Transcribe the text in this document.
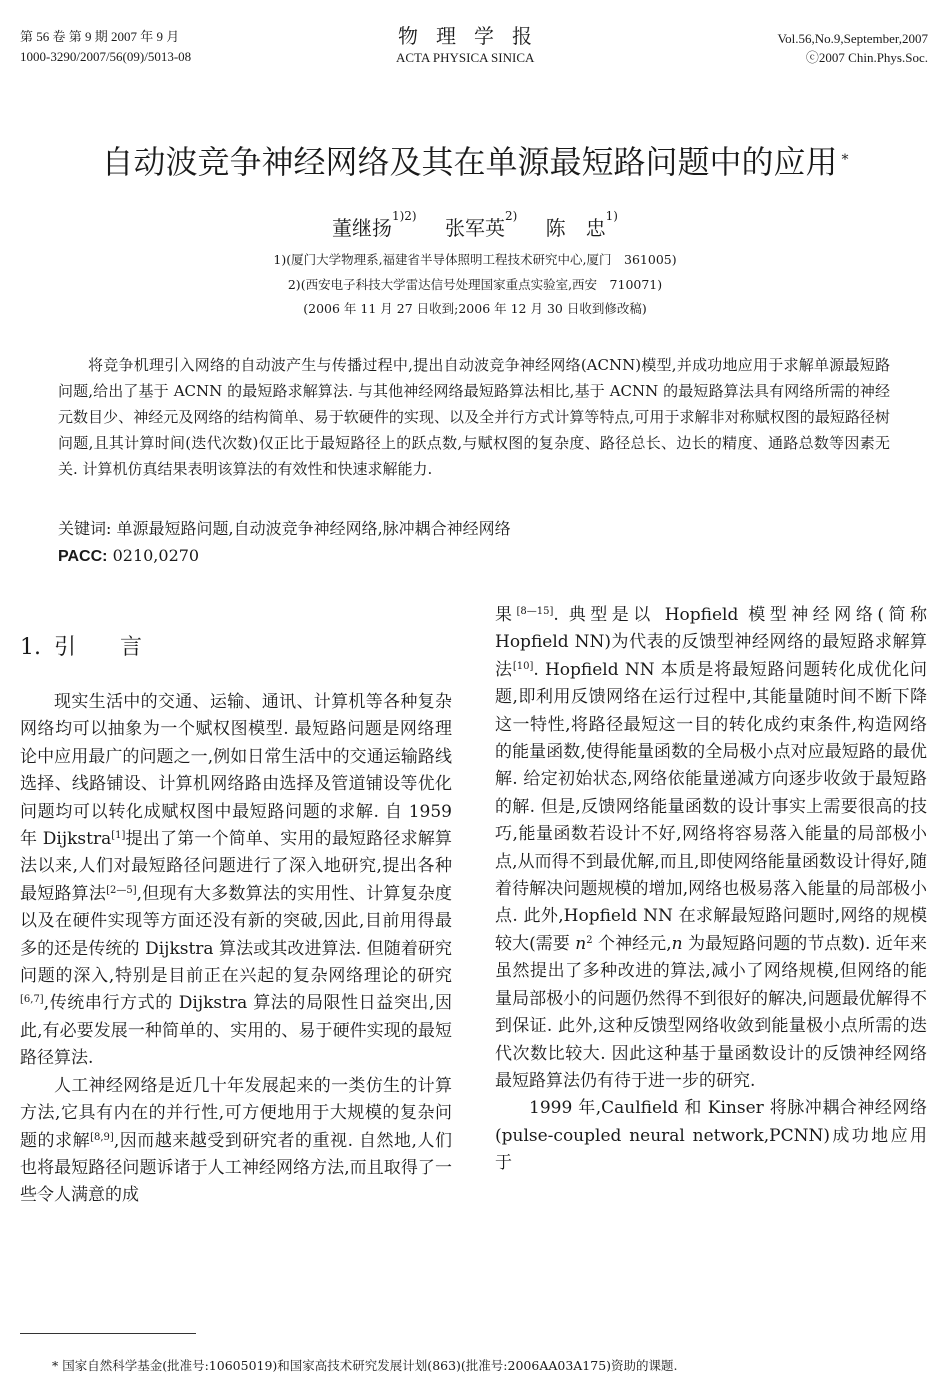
第 56 卷 第 9 期 2007 年 9 月
1000-3290/2007/56(09)/5013-08
物理学报
ACTA PHYSICA SINICA
Vol.56,No.9,September,2007
ⓒ2007 Chin.Phys.Soc.
自动波竞争神经网络及其在单源最短路问题中的应用 *
董继扬$^{1)2)}$ 张军英$^{2)}$ 陈　忠$^{1)}$
1)(厦门大学物理系,福建省半导体照明工程技术研究中心,厦门　361005)
2)(西安电子科技大学雷达信号处理国家重点实验室,西安　710071)
(2006 年 11 月 27 日收到;2006 年 12 月 30 日收到修改稿)
将竞争机理引入网络的自动波产生与传播过程中,提出自动波竞争神经网络(ACNN)模型,并成功地应用于求解单源最短路问题,给出了基于 ACNN 的最短路求解算法. 与其他神经网络最短路算法相比,基于 ACNN 的最短路算法具有网络所需的神经元数目少、神经元及网络的结构简单、易于软硬件的实现、以及全并行方式计算等特点,可用于求解非对称赋权图的最短路径树问题,且其计算时间(迭代次数)仅正比于最短路径上的跃点数,与赋权图的复杂度、路径总长、边长的精度、通路总数等因素无关. 计算机仿真结果表明该算法的有效性和快速求解能力.
关键词: 单源最短路问题,自动波竞争神经网络,脉冲耦合神经网络
PACC: 0210,0270
1. 引　　言

现实生活中的交通、运输、通讯、计算机等各种复杂网络均可以抽象为一个赋权图模型. 最短路问题是网络理论中应用最广的问题之一,例如日常生活中的交通运输路线选择、线路铺设、计算机网络路由选择及管道铺设等优化问题均可以转化成赋权图中最短路问题的求解. 自 1959 年 Dijkstra[1]提出了第一个简单、实用的最短路径求解算法以来,人们对最短路径问题进行了深入地研究,提出各种最短路算法[2—5],但现有大多数算法的实用性、计算复杂度以及在硬件实现等方面还没有新的突破,因此,目前用得最多的还是传统的 Dijkstra 算法或其改进算法. 但随着研究问题的深入,特别是目前正在兴起的复杂网络理论的研究[6,7],传统串行方式的 Dijkstra 算法的局限性日益突出,因此,有必要发展一种简单的、实用的、易于硬件实现的最短路径算法.

人工神经网络是近几十年发展起来的一类仿生的计算方法,它具有内在的并行性,可方便地用于大规模的复杂问题的求解[8,9],因而越来越受到研究者的重视. 自然地,人们也将最短路径问题诉诸于人工神经网络方法,而且取得了一些令人满意的成

果[8—15]. 典型是以 Hopfield 模型神经网络(简称 Hopfield NN)为代表的反馈型神经网络的最短路求解算法[10]. Hopfield NN 本质是将最短路问题转化成优化问题,即利用反馈网络在运行过程中,其能量随时间不断下降这一特性,将路径最短这一目的转化成约束条件,构造网络的能量函数,使得能量函数的全局极小点对应最短路的最优解. 给定初始状态,网络依能量递减方向逐步收敛于最短路的解. 但是,反馈网络能量函数的设计事实上需要很高的技巧,能量函数若设计不好,网络将容易落入能量的局部极小点,从而得不到最优解,而且,即使网络能量函数设计得好,随着待解决问题规模的增加,网络也极易落入能量的局部极小点. 此外,Hopfield NN 在求解最短路问题时,网络的规模较大(需要 $n^2$ 个神经元,n 为最短路问题的节点数). 近年来虽然提出了多种改进的算法,减小了网络规模,但网络的能量局部极小的问题仍然得不到很好的解决,问题最优解得不到保证. 此外,这种反馈型网络收敛到能量极小点所需的迭代次数比较大. 因此这种基于量函数设计的反馈神经网络最短路算法仍有待于进一步的研究.

1999 年,Caulfield 和 Kinser 将脉冲耦合神经网络(pulse-coupled neural network,PCNN)成功地应用于

* 国家自然科学基金(批准号:10605019)和国家高技术研究发展计划(863)(批准号:2006AA03A175)资助的课题.
